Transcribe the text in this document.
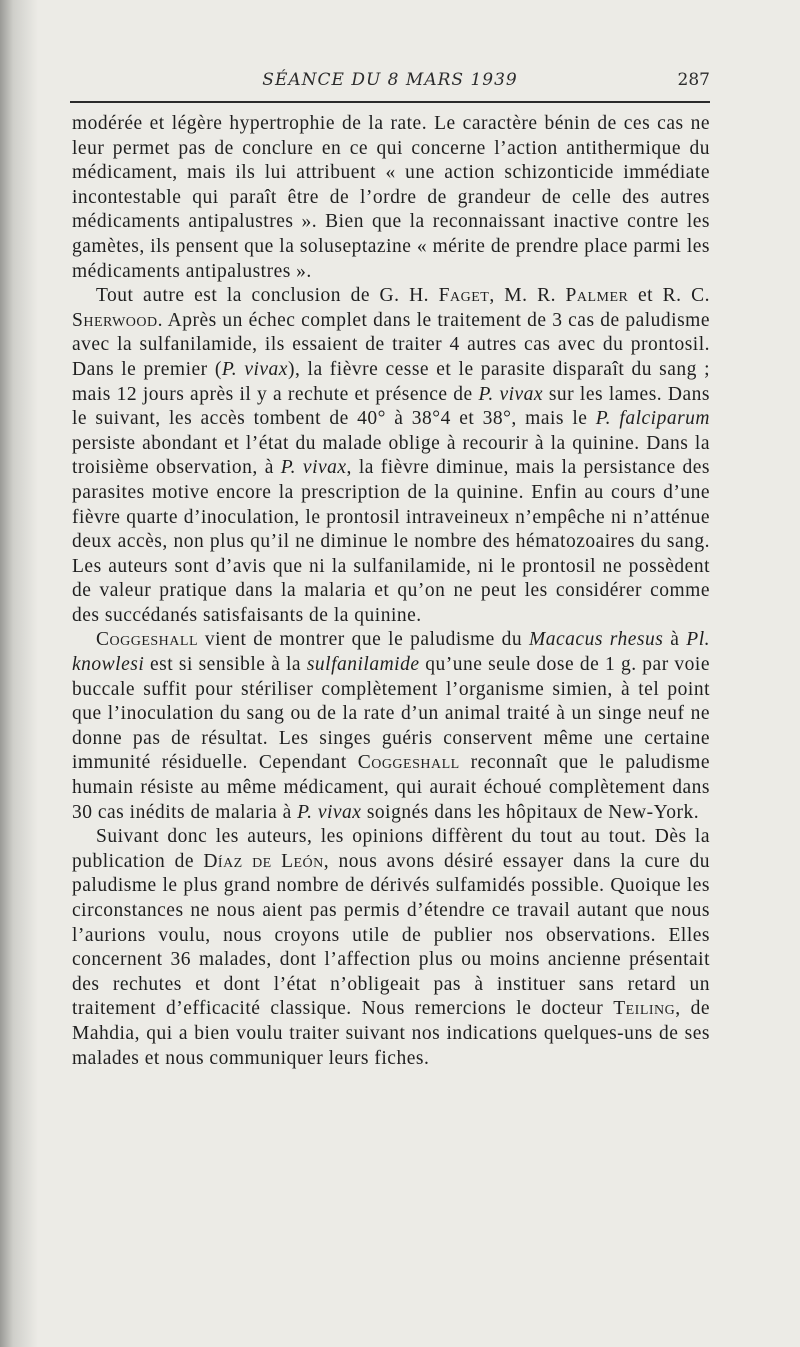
SÉANCE DU 8 MARS 1939	287

modérée et légère hypertrophie de la rate. Le caractère bénin de ces cas ne leur permet pas de conclure en ce qui concerne l’action antithermique du médicament, mais ils lui attribuent « une action schizonticide immédiate incontestable qui paraît être de l’ordre de grandeur de celle des autres médicaments antipalustres ». Bien que la reconnaissant inactive contre les gamètes, ils pensent que la soluseptazine « mérite de prendre place parmi les médicaments antipalustres ».

Tout autre est la conclusion de G. H. Faget, M. R. Palmer et R. C. Sherwood. Après un échec complet dans le traitement de 3 cas de paludisme avec la sulfanilamide, ils essaient de traiter 4 autres cas avec du prontosil. Dans le premier (P. vivax), la fièvre cesse et le parasite disparaît du sang ; mais 12 jours après il y a rechute et présence de P. vivax sur les lames. Dans le suivant, les accès tombent de 40° à 38°4 et 38°, mais le P. falciparum persiste abondant et l’état du malade oblige à recourir à la quinine. Dans la troisième observation, à P. vivax, la fièvre diminue, mais la persistance des parasites motive encore la prescription de la quinine. Enfin au cours d’une fièvre quarte d’inoculation, le prontosil intraveineux n’empêche ni n’atténue deux accès, non plus qu’il ne diminue le nombre des hématozoaires du sang. Les auteurs sont d’avis que ni la sulfanilamide, ni le prontosil ne possèdent de valeur pratique dans la malaria et qu’on ne peut les considérer comme des succédanés satisfaisants de la quinine.

Coggeshall vient de montrer que le paludisme du Macacus rhesus à Pl. knowlesi est si sensible à la sulfanilamide qu’une seule dose de 1 g. par voie buccale suffit pour stériliser complètement l’organisme simien, à tel point que l’inoculation du sang ou de la rate d’un animal traité à un singe neuf ne donne pas de résultat. Les singes guéris conservent même une certaine immunité résiduelle. Cependant Coggeshall reconnaît que le paludisme humain résiste au même médicament, qui aurait échoué complètement dans 30 cas inédits de malaria à P. vivax soignés dans les hôpitaux de New-York.

Suivant donc les auteurs, les opinions diffèrent du tout au tout. Dès la publication de Díaz de León, nous avons désiré essayer dans la cure du paludisme le plus grand nombre de dérivés sulfamidés possible. Quoique les circonstances ne nous aient pas permis d’étendre ce travail autant que nous l’aurions voulu, nous croyons utile de publier nos observations. Elles concernent 36 malades, dont l’affection plus ou moins ancienne présentait des rechutes et dont l’état n’obligeait pas à instituer sans retard un traitement d’efficacité classique. Nous remercions le docteur Teiling, de Mahdia, qui a bien voulu traiter suivant nos indications quelques-uns de ses malades et nous communiquer leurs fiches.
